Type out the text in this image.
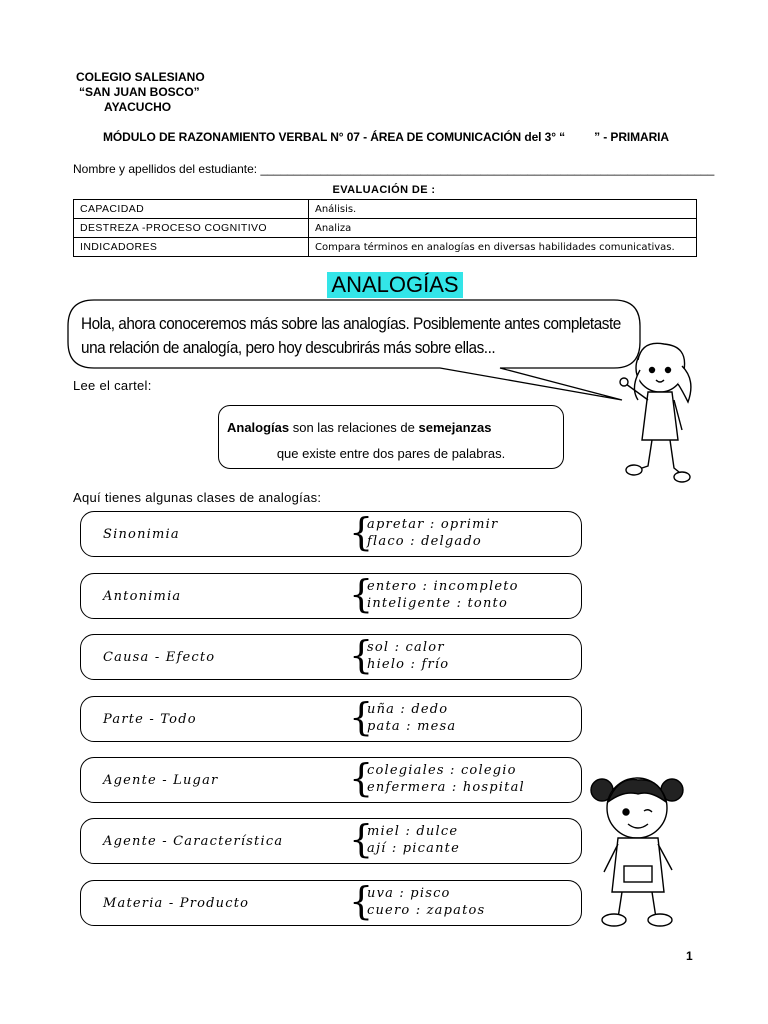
COLEGIO SALESIANO
“SAN JUAN BOSCO”
AYACUCHO
MÓDULO DE RAZONAMIENTO VERBAL N° 07 - ÁREA DE COMUNICACIÓN del 3° “         ” - PRIMARIA
Nombre y apellidos del estudiante: ____________________________________________________________________
EVALUACIÓN DE :
CAPACIDAD	Análisis.
DESTREZA -PROCESO COGNITIVO	Analiza
INDICADORES	Compara términos en analogías en diversas habilidades comunicativas.
ANALOGÍAS
Hola, ahora conoceremos más sobre las analogías. Posiblemente antes completaste
una relación de analogía, pero hoy descubrirás más sobre ellas...
Lee el cartel:
Analogías son las relaciones de semejanzas
que existe entre dos pares de palabras.
Aquí tienes algunas clases de analogías:
Sinonimia	{
apretar : oprimir
flaco : delgado
Antonimia	{
entero : incompleto
inteligente : tonto
Causa - Efecto	{
sol : calor
hielo : frío
Parte - Todo	{
uña : dedo
pata : mesa
Agente - Lugar	{
colegiales : colegio
enfermera : hospital
Agente - Característica {
miel : dulce
ají : picante
Materia - Producto	{
uva : pisco
cuero : zapatos
1
